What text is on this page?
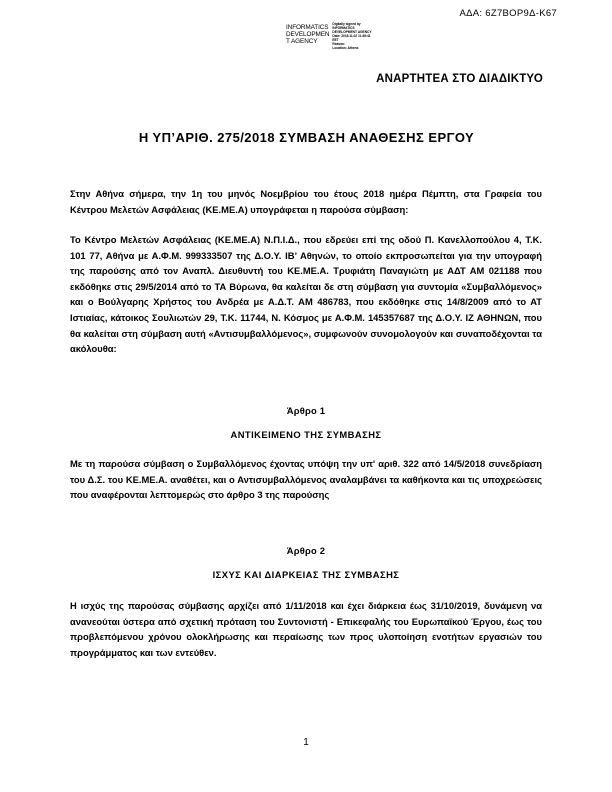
ΑΔΑ: 6Ζ7ΒΟΡ9Δ-Κ67
INFORMATICS
DEVELOPMEN
T AGENCY
Digitally signed by
INFORMATICS
DEVELOPMENT AGENCY
Date: 2018.11.02 11:38:41
EET
Reason:
Location: Athens
ΑΝΑΡΤΗΤΕΑ ΣΤΟ ΔΙΑΔΙΚΤΥΟ
Η ΥΠ’ΑΡΙΘ. 275/2018 ΣΥΜΒΑΣΗ ΑΝΑΘΕΣΗΣ ΕΡΓΟΥ
Στην Αθήνα σήμερα, την 1η του μηνός Νοεμβρίου του έτους 2018 ημέρα Πέμπτη, στα Γραφεία του Κέντρου Μελετών Ασφάλειας (ΚΕ.ΜΕ.Α) υπογράφεται η παρούσα σύμβαση:
Το Κέντρο Μελετών Ασφάλειας (ΚΕ.ΜΕ.Α) Ν.Π.Ι.Δ., που εδρεύει επί της οδού Π. Κανελλοπούλου 4, Τ.Κ. 101 77, Αθήνα με Α.Φ.Μ. 999333507 της Δ.Ο.Υ. ΙΒ’ Αθηνών, το οποίο εκπροσωπείται για την υπογραφή της παρούσης από τον Αναπλ. Διευθυντή του ΚΕ.ΜΕ.Α. Τρυφιάτη Παναγιώτη με ΑΔΤ ΑΜ 021188 που εκδόθηκε στις 29/5/2014 από το ΤΑ Βύρωνα, θα καλείται δε στη σύμβαση για συντομία «Συμβαλλόμενος» και ο Βούλγαρης Χρήστος του Ανδρέα με Α.Δ.Τ. ΑΜ 486783, που εκδόθηκε στις 14/8/2009 από το ΑΤ Ιστιαίας, κάτοικος Σουλιωτών 29, Τ.Κ. 11744, Ν. Κόσμος με Α.Φ.Μ. 145357687 της Δ.Ο.Υ. ΙΖ ΑΘΗΝΩΝ, που θα καλείται στη σύμβαση αυτή «Αντισυμβαλλόμενος», συμφωνούν συνομολογούν και συναποδέχονται τα ακόλουθα:
Άρθρο 1
ΑΝΤΙΚΕΙΜΕΝΟ ΤΗΣ ΣΥΜΒΑΣΗΣ
Με τη παρούσα σύμβαση ο Συμβαλλόμενος έχοντας υπόψη την υπ' αριθ. 322 από 14/5/2018 συνεδρίαση του Δ.Σ. του ΚΕ.ΜΕ.Α. αναθέτει, και ο Αντισυμβαλλόμενος αναλαμβάνει τα καθήκοντα και τις υποχρεώσεις που αναφέρονται λεπτομερώς στο άρθρο 3 της παρούσης
Άρθρο 2
ΙΣΧΥΣ ΚΑΙ ΔΙΑΡΚΕΙΑΣ ΤΗΣ ΣΥΜΒΑΣΗΣ
Η ισχύς της παρούσας σύμβασης αρχίζει από 1/11/2018 και έχει διάρκεια έως 31/10/2019, δυνάμενη να ανανεούται ύστερα από σχετική πρόταση του Συντονιστή - Επικεφαλής του Ευρωπαϊκού Έργου, έως του προβλεπόμενου χρόνου ολοκλήρωσης και περαίωσης των προς υλοποίηση ενοτήτων εργασιών του προγράμματος και των εντεύθεν.
1
